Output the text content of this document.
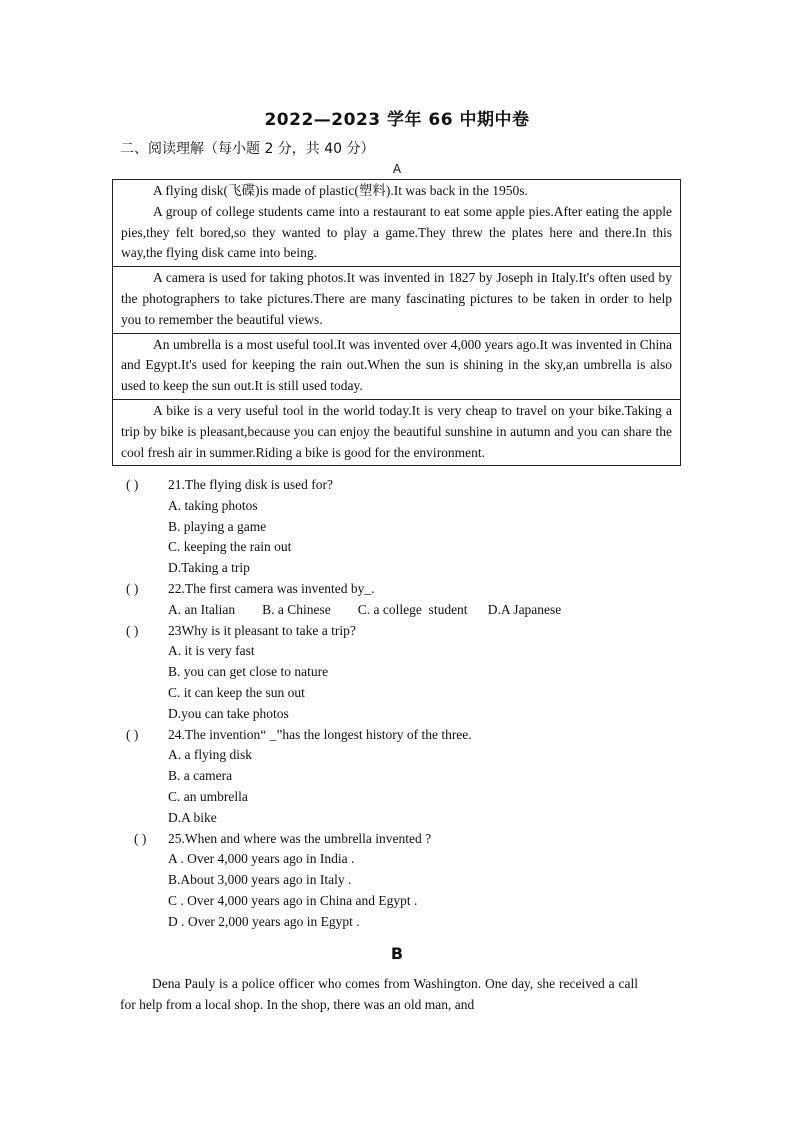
2022—2023 学年 66 中期中卷
二、阅读理解（每小题 2 分，共 40 分）
A
A flying disk(飞碟)is made of plastic(塑料).It was back in the 1950s.
A group of college students came into a restaurant to eat some apple pies.After eating the apple pies,they felt bored,so they wanted to play a game.They threw the plates here and there.In this way,the flying disk came into being.
A camera is used for taking photos.It was invented in 1827 by Joseph in Italy.It's often used by the photographers to take pictures.There are many fascinating pictures to be taken in order to help you to remember the beautiful views.
An umbrella is a most useful tool.It was invented over 4,000 years ago.It was invented in China and Egypt.It's used for keeping the rain out.When the sun is shining in the sky,an umbrella is also used to keep the sun out.It is still used today.
A bike is a very useful tool in the world today.It is very cheap to travel on your bike.Taking a trip by bike is pleasant,because you can enjoy the beautiful sunshine in autumn and you can share the cool fresh air in summer.Riding a bike is good for the environment.
( ) 21.The flying disk is used for?
A. taking photos
B. playing a game
C. keeping the rain out
D.Taking a trip
( ) 22.The first camera was invented by_.
A. an Italian        B. a Chinese        C. a college  student      D.A Japanese
( ) 23Why is it pleasant to take a trip?
A. it is very fast
B. you can get close to nature
C. it can keep the sun out
D.you can take photos
( ) 24.The invention“ _”has the longest history of the three.
A. a flying disk
B. a camera
C. an umbrella
D.A bike
( ) 25.When and where was the umbrella invented ?
A . Over 4,000 years ago in India .
B.About 3,000 years ago in Italy .
C . Over 4,000 years ago in China and Egypt .
D . Over 2,000 years ago in Egypt .
B
Dena Pauly is a police officer who comes from Washington. One day, she received a call for help from a local shop. In the shop, there was an old man, and
